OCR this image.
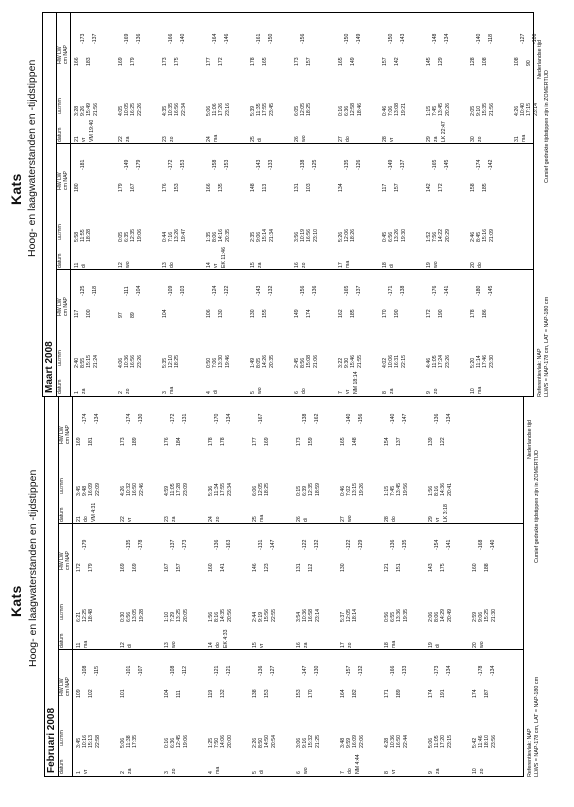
Kats Hoog- en laagwaterstanden en -tijdstippen
Februari 2008 datum
uu:mm
HW LW cm NAP
datum
uu:mm
HW LW cm NAP
datum
uu:mm
HW LW cm NAP
1 vr
3:45 10:16 15:13 22:58
109 102
-108 -115
2 za
5:06 11:38 17:35
101
-101 -107
3 zo
0:16 6:36 12:45 19:06
104 111
-108 -112
4 ma
1:25 7:50 14:06 20:00
119 132
-121 -121
5 di
2:26 8:50 14:50 20:54
138 153
-136 -127
6 wo
3:06 9:16 15:32 21:25
153 170
-147 -130
7 do NM 4:44
3:48 9:59 16:09 22:06
164 182
-157 -132
8 vr
4:28 10:36 16:50 22:44
171 189
-166 -133
9 za
5:06 11:05 17:20 23:15
174 191
-173 -134
10 zo
5:42 11:46 18:10 23:56
174 187
-178 -134
11 ma
6:21 12:25 18:48
172 179
-179
12 di
0:30 6:56 13:05 19:28
169 169
-135 -178
13 wo
1:10 7:29 13:25 20:05
167 157
-137 -173
14 do EK 4:33
1:56 8:16 14:35 20:56
160 141
-136 -163
15 vr
2:44 9:19 15:56 22:55
146 123
-131 -147
16 za
3:54 10:36 16:58 23:14
131 112
-122 -132
17 zo
5:37 12:05 18:14
130
-122 -129
18 ma
0:56 6:55 13:36 19:35
121 151
-136 -135
19 di
2:06 8:06 14:29 20:49
143 175
-154 -141
20 wo
2:59 9:06 15:25 21:30
160 188
-168 -140
21 do VM 4:31
3:45 9:48 16:09 22:09
169 181
-174 -134
22 vr
4:26 10:32 16:50 22:46
173 189
-174 -130
23 za
4:59 11:05 17:28 23:09
176 184
-172 -131
24 zo
5:36 11:34 17:55 23:34
178 178
-170 -134
25 ma
6:06 12:05 18:25
177 169
-167
26 di
0:15 6:39 12:35 18:59
173 159
-138 -162
27 wo
0:46 7:02 13:15 19:26
165 148
-140 -156
28 do
1:15 7:45 13:45 19:56
154 137
-140 -147
29 vr LK 3:18
1:56 8:16 14:36 20:41
139 122
-136 -134
Referentievlak: NAP LLWS = NAP-178 cm, LAT = NAP-180 cm
Nederlandse tijd
Cursief gedrukte tijdstippen zijn in ZOMERTIJD
Kats Hoog- en laagwaterstanden en -tijdstippen
Maart 2008 datum
uu:mm
HW LW cm NAP
datum
uu:mm
HW LW cm NAP
datum
uu:mm
HW LW cm NAP
1 za
2:40 8:55 15:15 21:24
117 100
-125 -118
2 zo
4:06 10:36 16:56 23:26
97 89
-111 -104
3 ma
5:35 12:10 18:25
104
-109 -103
4 di
0:50 7:06 13:30 19:46
106 130
-124 -122
5 wo
1:49 8:05 14:26 20:35
130 155
-143 -132
6 do
2:45 8:56 15:08 21:06
149 174
-156 -136
7 vr NM 18:14
3:22 9:30 15:46 21:55
162 185
-165 -137
8 za
4:02 10:06 16:31 22:15
170 190
-171 -138
9 zo
4:46 11:05 17:24 23:26
172 190
-176 -141
10 ma
5:20 11:14 17:46 23:30
178 186
-180 -145
11 di
5:58 11:55 18:28
180
-181
12 wo
0:05 6:35 12:35 19:06
179 167
-149 -179
13 do
0:44 7:16 13:26 19:47
176 153
-172 -153
14 vr EK 11:46
1:35 8:06 14:16 20:35
166 135
-158 -153
15 za
2:35 9:06 15:14 21:34
148 113
-143 -133
16 zo
3:56 10:19 16:56 23:10
131 103
-138 -125
17 ma
5:26 12:06 18:26
134
-135 -126
18 di
0:45 6:56 13:26 19:30
117 157
-149 -137
19 wo
1:52 7:56 14:22 20:29
142 172
-165 -145
20 do
2:46 8:45 15:16 21:09
158 185
-174 -142
21 vr VM 19:40
3:28 9:26 15:49 21:56
166 183
-173 -137
22 za
4:05 10:05 16:25 22:26
169 179
-169 -136
23 zo
4:35 10:35 16:56 22:34
173 175
-166 -140
24 ma
5:06 11:06 17:26 23:16
177 172
-164 -146
25 di
5:39 11:35 17:55 23:45
178 165
-161 -150
26 wo
6:05 12:05 18:25
173 157
-156
27 do
0:16 6:36 12:58 18:46
165 149
-150 -149
28 vr
0:46 7:06 13:08 19:21
157 142
-150 -143
29 za LK 22:47
1:15 7:45 13:45 20:26
145 129
-148 -134
30 zo
2:05 9:10 15:35 21:56
128 108
-140 -118
31 ma
4:26 10:40 17:15 23:14
108 90
-127 -106
Referentievlak: NAP LLWS = NAP-178 cm, LAT = NAP-180 cm
Nederlandse tijd
Cursief gedrukte tijdstippen zijn in ZOMERTIJD
